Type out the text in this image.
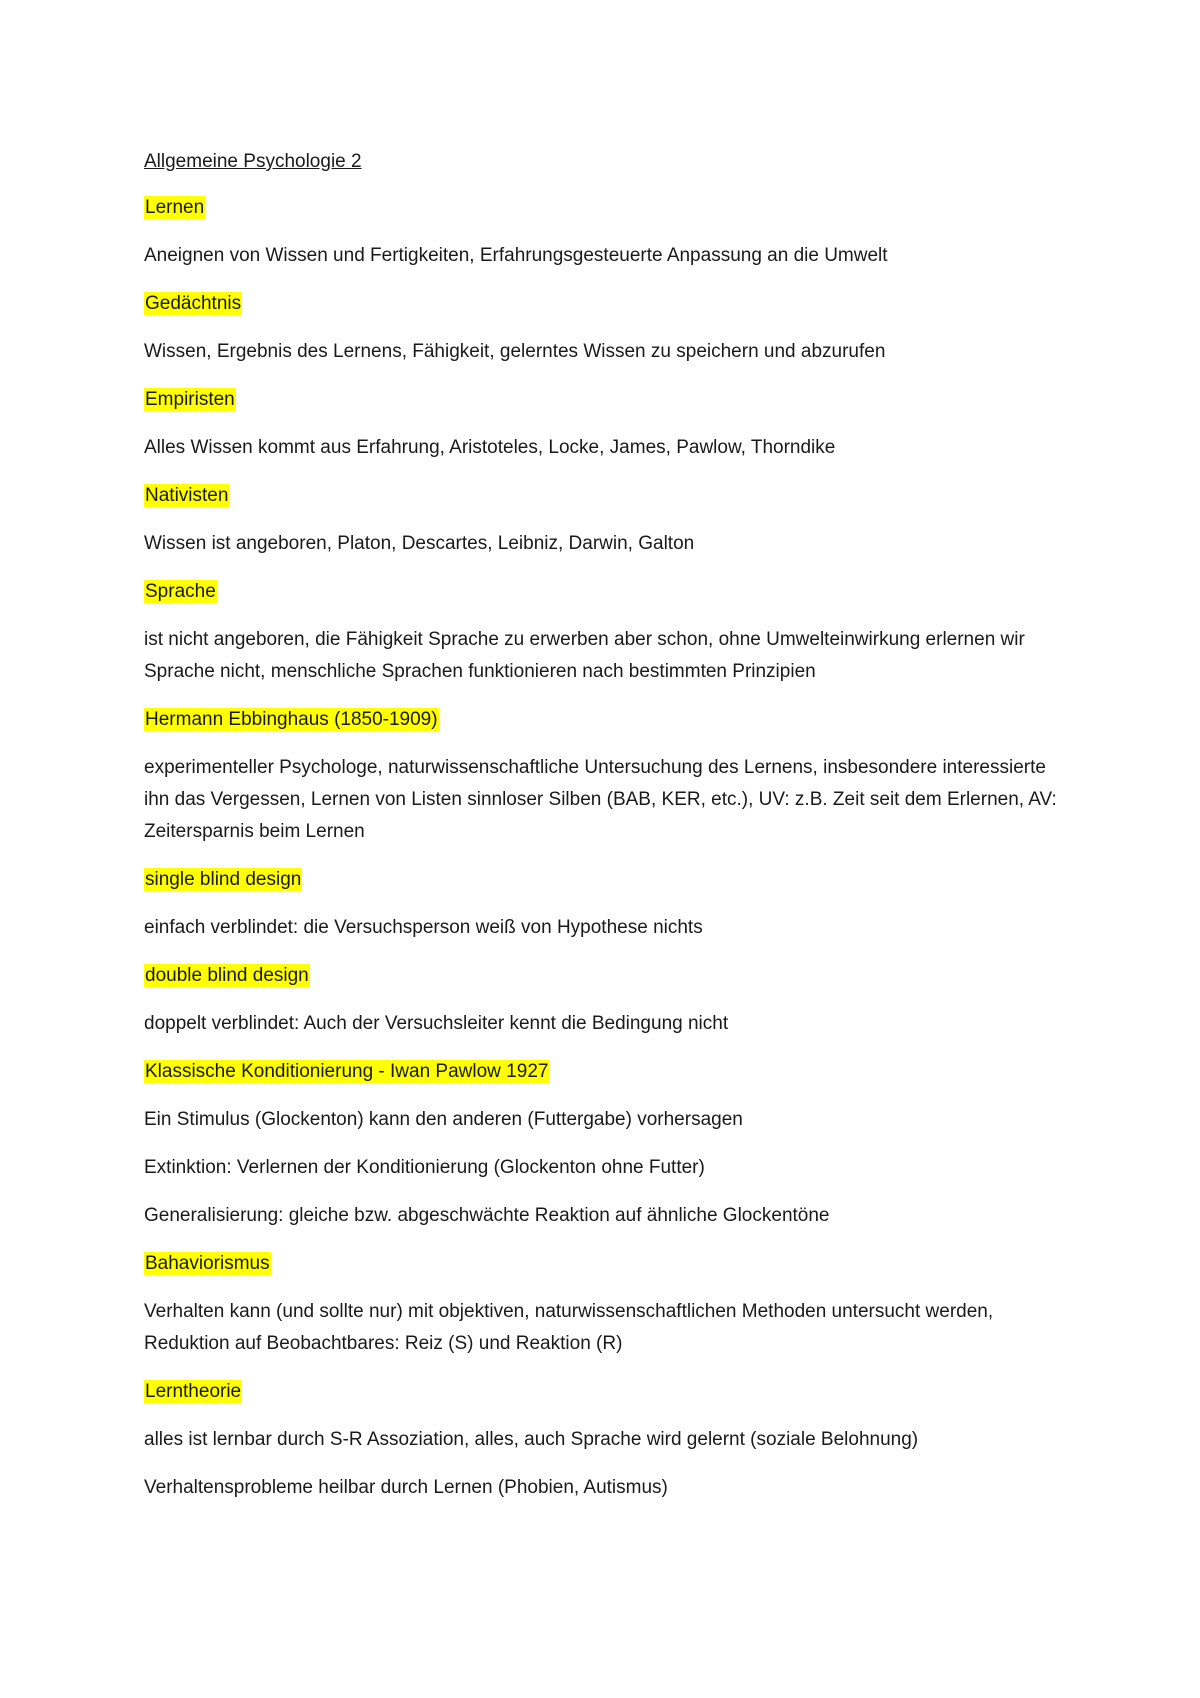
Allgemeine Psychologie 2
Lernen
Aneignen von Wissen und Fertigkeiten, Erfahrungsgesteuerte Anpassung an die Umwelt
Gedächtnis
Wissen, Ergebnis des Lernens, Fähigkeit, gelerntes Wissen zu speichern und abzurufen
Empiristen
Alles Wissen kommt aus Erfahrung, Aristoteles, Locke, James, Pawlow, Thorndike
Nativisten
Wissen ist angeboren, Platon, Descartes, Leibniz, Darwin, Galton
Sprache
ist nicht angeboren, die Fähigkeit Sprache zu erwerben aber schon, ohne Umwelteinwirkung erlernen wir Sprache nicht, menschliche Sprachen funktionieren nach bestimmten Prinzipien
Hermann Ebbinghaus (1850-1909)
experimenteller Psychologe, naturwissenschaftliche Untersuchung des Lernens, insbesondere interessierte ihn das Vergessen, Lernen von Listen sinnloser Silben (BAB, KER, etc.), UV: z.B. Zeit seit dem Erlernen, AV: Zeitersparnis beim Lernen
single blind design
einfach verblindet: die Versuchsperson weiß von Hypothese nichts
double blind design
doppelt verblindet: Auch der Versuchsleiter kennt die Bedingung nicht
Klassische Konditionierung - Iwan Pawlow 1927
Ein Stimulus (Glockenton) kann den anderen (Futtergabe) vorhersagen
Extinktion: Verlernen der Konditionierung (Glockenton ohne Futter)
Generalisierung: gleiche bzw. abgeschwächte Reaktion auf ähnliche Glockentöne
Bahaviorismus
Verhalten kann (und sollte nur) mit objektiven, naturwissenschaftlichen Methoden untersucht werden, Reduktion auf Beobachtbares: Reiz (S) und Reaktion (R)
Lerntheorie
alles ist lernbar durch S-R Assoziation, alles, auch Sprache wird gelernt (soziale Belohnung)
Verhaltensprobleme heilbar durch Lernen (Phobien, Autismus)
